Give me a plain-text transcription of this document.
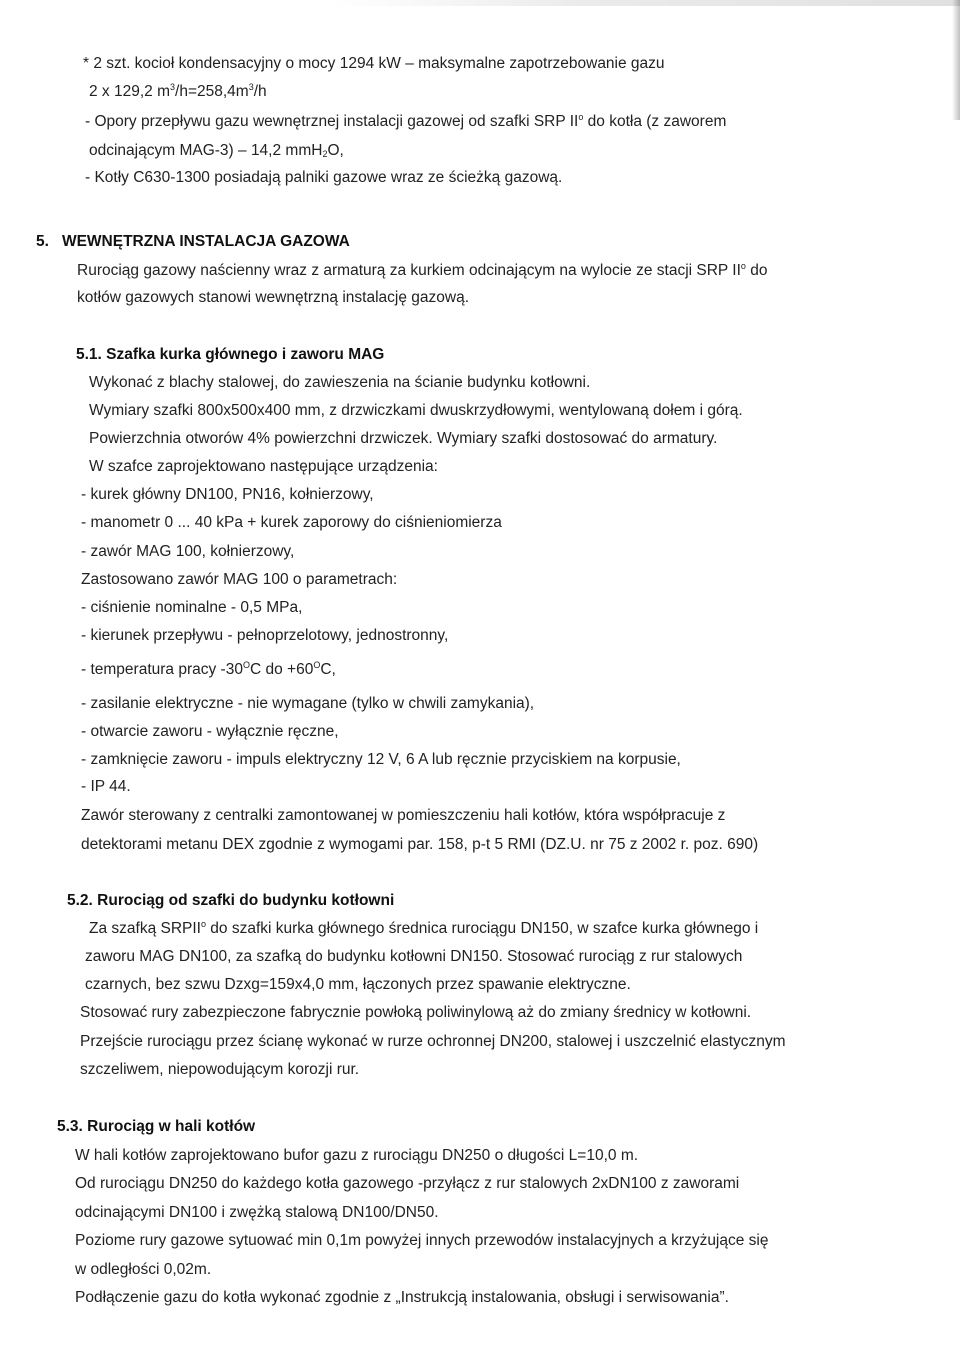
* 2 szt. kocioł kondensacyjny o mocy 1294 kW – maksymalne zapotrzebowanie gazu
2 x 129,2 $m^3/h=258,4m^3/h$
- Opory przepływu gazu wewnętrznej instalacji gazowej od szafki SRP $II^o$ do kotła (z zaworem
odcinającym MAG-3) – 14,2 mmH$_2$O,
- Kotły C630-1300 posiadają palniki gazowe wraz ze ścieżką gazową.
5. WEWNĘTRZNA INSTALACJA GAZOWA
Rurociąg gazowy naścienny wraz z armaturą za kurkiem odcinającym na wylocie ze stacji SRP $II^o$ do
kotłów gazowych stanowi wewnętrzną instalację gazową.
5.1. Szafka kurka głównego i zaworu MAG
Wykonać z blachy stalowej, do zawieszenia na ścianie budynku kotłowni.
Wymiary szafki 800x500x400 mm, z drzwiczkami dwuskrzydłowymi, wentylowaną dołem i górą.
Powierzchnia otworów 4% powierzchni drzwiczek. Wymiary szafki dostosować do armatury.
W szafce zaprojektowano następujące urządzenia:
- kurek główny DN100, PN16, kołnierzowy,
- manometr 0 ... 40 kPa + kurek zaporowy do ciśnieniomierza
- zawór MAG 100, kołnierzowy,
Zastosowano zawór MAG 100 o parametrach:
- ciśnienie nominalne - 0,5 MPa,
- kierunek przepływu - pełnoprzelotowy, jednostronny,
- temperatura pracy $-30^OC$ do $+60^OC$,
- zasilanie elektryczne - nie wymagane (tylko w chwili zamykania),
- otwarcie zaworu - wyłącznie ręczne,
- zamknięcie zaworu - impuls elektryczny 12 V, 6 A lub ręcznie przyciskiem na korpusie,
- IP 44.
Zawór sterowany z centralki zamontowanej w pomieszczeniu hali kotłów, która współpracuje z
detektorami metanu DEX zgodnie z wymogami par. 158, p-t 5 RMI (DZ.U. nr 75 z 2002 r. poz. 690)
5.2. Rurociąg od szafki do budynku kotłowni
Za szafką SRPII$^o$ do szafki kurka głównego średnica rurociągu DN150, w szafce kurka głównego i
zaworu MAG DN100, za szafką do budynku kotłowni DN150. Stosować rurociąg z rur stalowych
czarnych, bez szwu Dzxg=159x4,0 mm, łączonych przez spawanie elektryczne.
Stosować rury zabezpieczone fabrycznie powłoką poliwinylową aż do zmiany średnicy w kotłowni.
Przejście rurociągu przez ścianę wykonać w rurze ochronnej DN200, stalowej i uszczelnić elastycznym
szczeliwem, niepowodującym korozji rur.
5.3. Rurociąg w hali kotłów
W hali kotłów zaprojektowano bufor gazu z rurociągu DN250 o długości L=10,0 m.
Od rurociągu DN250 do każdego kotła gazowego -przyłącz z rur stalowych 2xDN100 z zaworami
odcinającymi DN100 i zwężką stalową DN100/DN50.
Poziome rury gazowe sytuować min 0,1m powyżej innych przewodów instalacyjnych a krzyżujące się
w odległości 0,02m.
Podłączenie gazu do kotła wykonać zgodnie z „Instrukcją instalowania, obsługi i serwisowania”.
